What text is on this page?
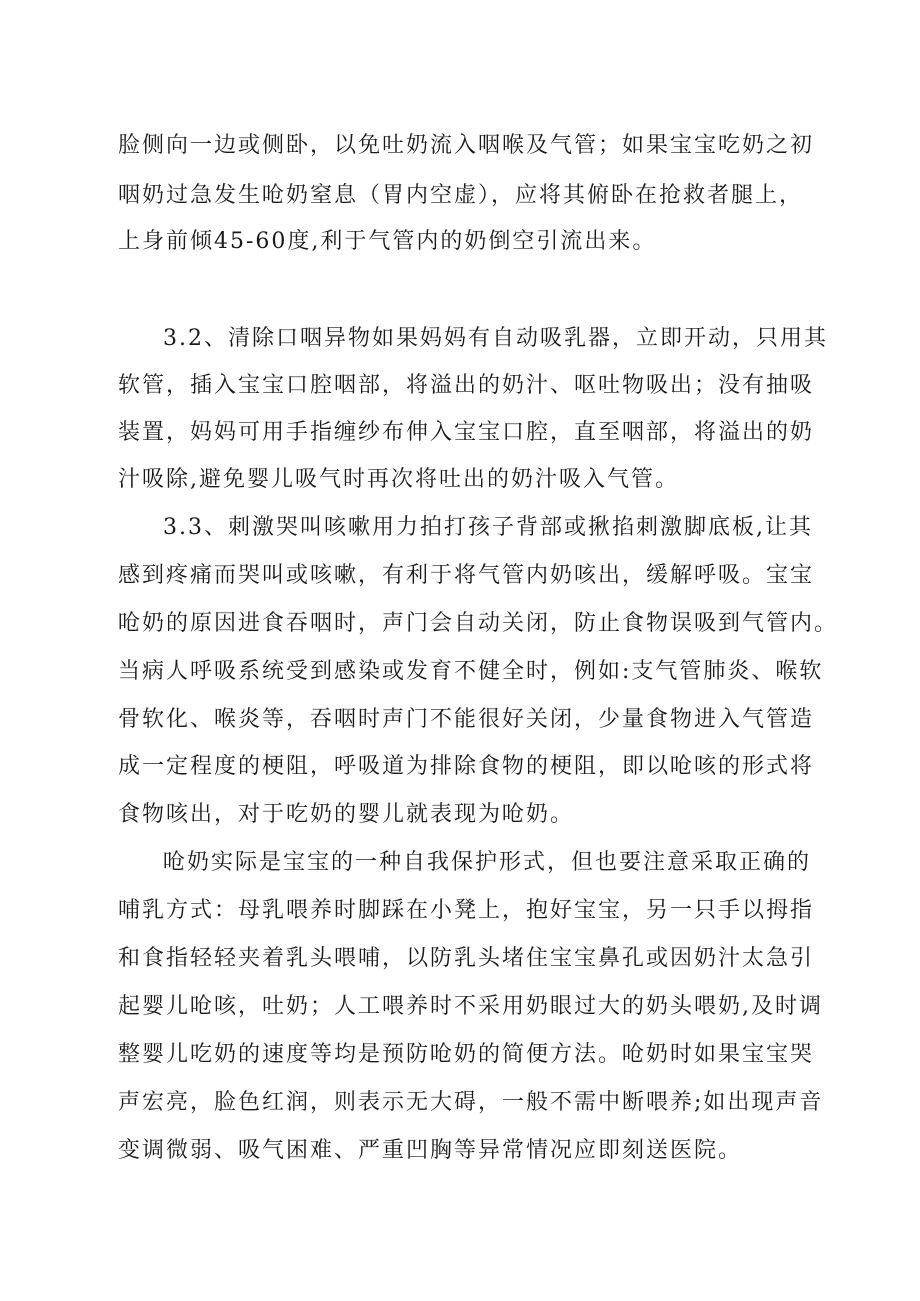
脸侧向一边或侧卧，以免吐奶流入咽喉及气管；如果宝宝吃奶之初
咽奶过急发生呛奶窒息（胃内空虚），应将其俯卧在抢救者腿上，
上身前倾45-60度,利于气管内的奶倒空引流出来。
3.2、清除口咽异物如果妈妈有自动吸乳器，立即开动，只用其
软管，插入宝宝口腔咽部，将溢出的奶汁、呕吐物吸出；没有抽吸
装置，妈妈可用手指缠纱布伸入宝宝口腔，直至咽部，将溢出的奶
汁吸除,避免婴儿吸气时再次将吐出的奶汁吸入气管。
3.3、刺激哭叫咳嗽用力拍打孩子背部或揪掐刺激脚底板,让其
感到疼痛而哭叫或咳嗽，有利于将气管内奶咳出，缓解呼吸。宝宝
呛奶的原因进食吞咽时，声门会自动关闭，防止食物误吸到气管内。
当病人呼吸系统受到感染或发育不健全时，例如:支气管肺炎、喉软
骨软化、喉炎等，吞咽时声门不能很好关闭，少量食物进入气管造
成一定程度的梗阻，呼吸道为排除食物的梗阻，即以呛咳的形式将
食物咳出，对于吃奶的婴儿就表现为呛奶。
呛奶实际是宝宝的一种自我保护形式，但也要注意采取正确的
哺乳方式：母乳喂养时脚踩在小凳上，抱好宝宝，另一只手以拇指
和食指轻轻夹着乳头喂哺，以防乳头堵住宝宝鼻孔或因奶汁太急引
起婴儿呛咳，吐奶；人工喂养时不采用奶眼过大的奶头喂奶,及时调
整婴儿吃奶的速度等均是预防呛奶的简便方法。呛奶时如果宝宝哭
声宏亮，脸色红润，则表示无大碍，一般不需中断喂养;如出现声音
变调微弱、吸气困难、严重凹胸等异常情况应即刻送医院。
